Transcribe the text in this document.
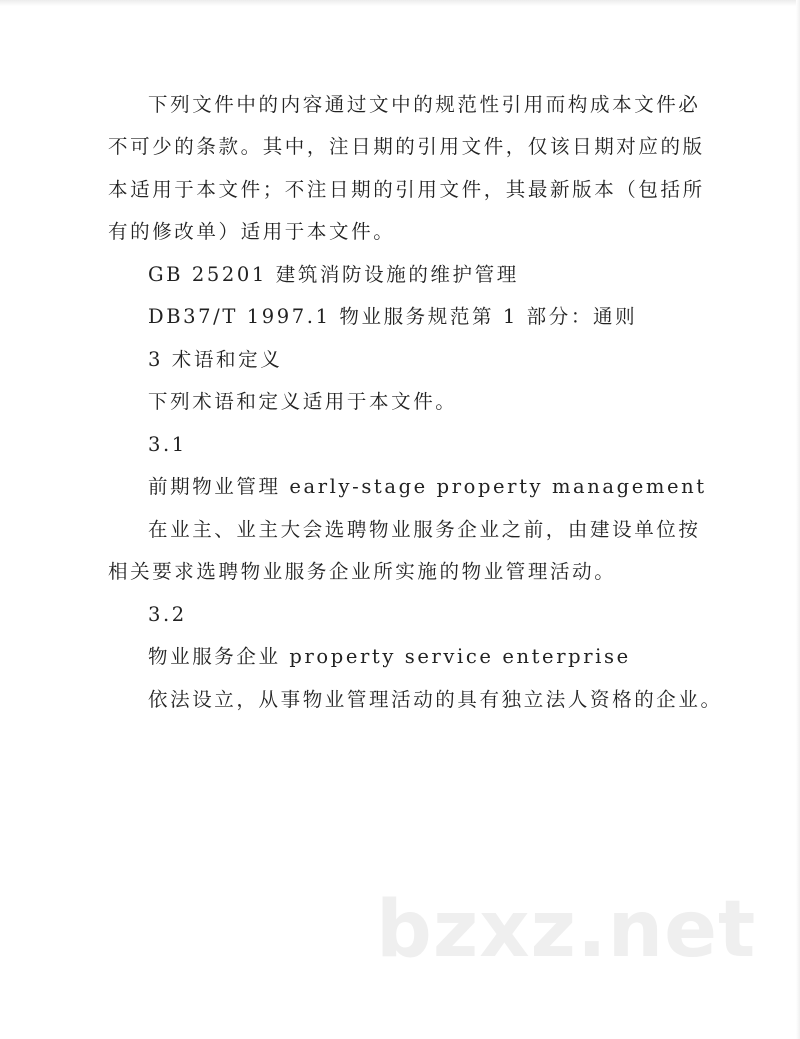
下列文件中的内容通过文中的规范性引用而构成本文件必

不可少的条款。其中，注日期的引用文件，仅该日期对应的版

本适用于本文件；不注日期的引用文件，其最新版本（包括所

有的修改单）适用于本文件。

GB 25201 建筑消防设施的维护管理

DB37/T 1997.1 物业服务规范第 1 部分：通则

3 术语和定义

下列术语和定义适用于本文件。

3.1

前期物业管理 early-stage property management

在业主、业主大会选聘物业服务企业之前，由建设单位按

相关要求选聘物业服务企业所实施的物业管理活动。

3.2

物业服务企业 property service enterprise

依法设立，从事物业管理活动的具有独立法人资格的企业。

bzxz.net
